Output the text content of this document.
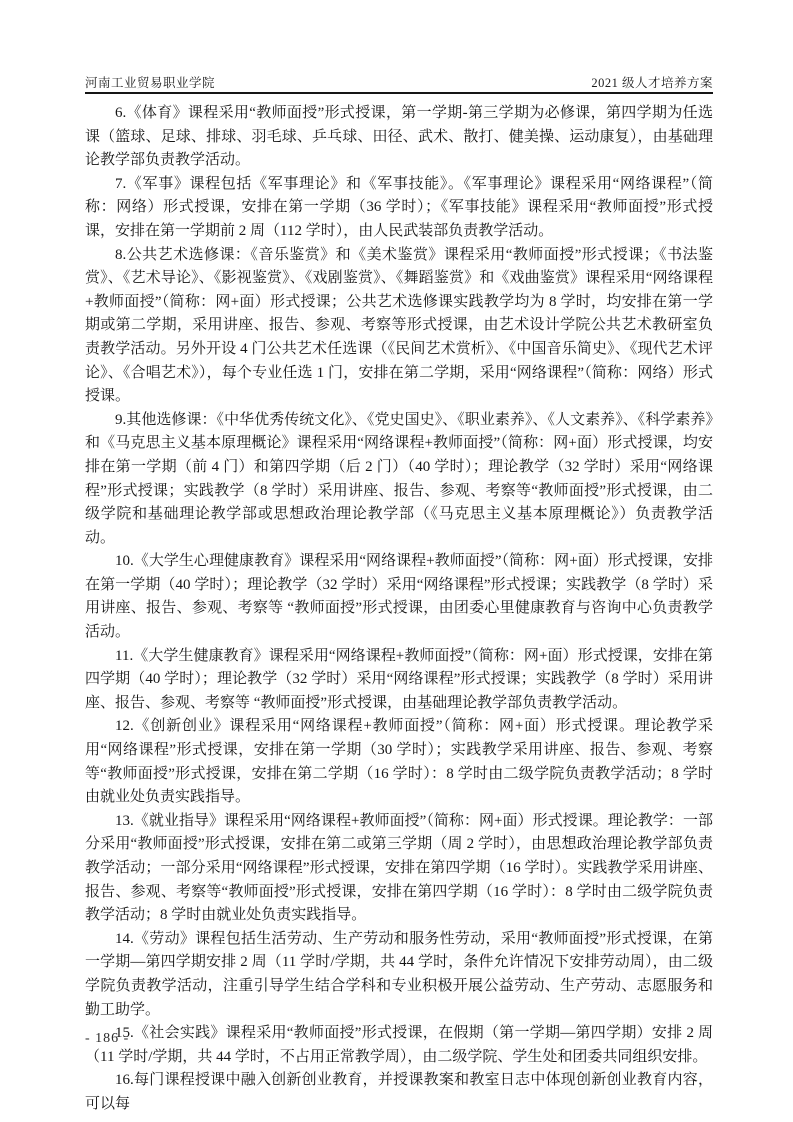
河南工业贸易职业学院	2021 级人才培养方案

6.《体育》课程采用“教师面授”形式授课，第一学期-第三学期为必修课，第四学期为任选课（篮球、足球、排球、羽毛球、乒乓球、田径、武术、散打、健美操、运动康复），由基础理论教学部负责教学活动。

7.《军事》课程包括《军事理论》和《军事技能》。《军事理论》课程采用“网络课程”（简称：网络）形式授课，安排在第一学期（36 学时）；《军事技能》课程采用“教师面授”形式授课，安排在第一学期前 2 周（112 学时），由人民武装部负责教学活动。

8.公共艺术选修课：《音乐鉴赏》和《美术鉴赏》课程采用“教师面授”形式授课；《书法鉴赏》、《艺术导论》、《影视鉴赏》、《戏剧鉴赏》、《舞蹈鉴赏》和《戏曲鉴赏》课程采用“网络课程+教师面授”（简称：网+面）形式授课；公共艺术选修课实践教学均为 8 学时，均安排在第一学期或第二学期，采用讲座、报告、参观、考察等形式授课，由艺术设计学院公共艺术教研室负责教学活动。另外开设 4 门公共艺术任选课（《民间艺术赏析》、《中国音乐简史》、《现代艺术评论》、《合唱艺术》），每个专业任选 1 门，安排在第二学期，采用“网络课程”（简称：网络）形式授课。

9.其他选修课：《中华优秀传统文化》、《党史国史》、《职业素养》、《人文素养》、《科学素养》和《马克思主义基本原理概论》课程采用“网络课程+教师面授”（简称：网+面）形式授课，均安排在第一学期（前 4 门）和第四学期（后 2 门）（40 学时）；理论教学（32 学时）采用“网络课程”形式授课；实践教学（8 学时）采用讲座、报告、参观、考察等“教师面授”形式授课，由二级学院和基础理论教学部或思想政治理论教学部（《马克思主义基本原理概论》）负责教学活动。

10.《大学生心理健康教育》课程采用“网络课程+教师面授”（简称：网+面）形式授课，安排在第一学期（40 学时）；理论教学（32 学时）采用“网络课程”形式授课；实践教学（8 学时）采用讲座、报告、参观、考察等 “教师面授”形式授课，由团委心里健康教育与咨询中心负责教学活动。

11.《大学生健康教育》课程采用“网络课程+教师面授”（简称：网+面）形式授课，安排在第四学期（40 学时）；理论教学（32 学时）采用“网络课程”形式授课；实践教学（8 学时）采用讲座、报告、参观、考察等 “教师面授”形式授课，由基础理论教学部负责教学活动。

12.《创新创业》课程采用“网络课程+教师面授”（简称：网+面）形式授课。理论教学采用“网络课程”形式授课，安排在第一学期（30 学时）；实践教学采用讲座、报告、参观、考察等“教师面授”形式授课，安排在第二学期（16 学时）：8 学时由二级学院负责教学活动；8 学时由就业处负责实践指导。

13.《就业指导》课程采用“网络课程+教师面授”（简称：网+面）形式授课。理论教学：一部分采用“教师面授”形式授课，安排在第二或第三学期（周 2 学时），由思想政治理论教学部负责教学活动；一部分采用“网络课程”形式授课，安排在第四学期（16 学时）。实践教学采用讲座、报告、参观、考察等“教师面授”形式授课，安排在第四学期（16 学时）：8 学时由二级学院负责教学活动；8 学时由就业处负责实践指导。

14.《劳动》课程包括生活劳动、生产劳动和服务性劳动，采用“教师面授”形式授课，在第一学期—第四学期安排 2 周（11 学时/学期，共 44 学时，条件允许情况下安排劳动周），由二级学院负责教学活动，注重引导学生结合学科和专业积极开展公益劳动、生产劳动、志愿服务和勤工助学。

15.《社会实践》课程采用“教师面授”形式授课，在假期（第一学期—第四学期）安排 2 周（11 学时/学期，共 44 学时，不占用正常教学周），由二级学院、学生处和团委共同组织安排。

16.每门课程授课中融入创新创业教育，并授课教案和教室日志中体现创新创业教育内容，可以每

- 186 -
